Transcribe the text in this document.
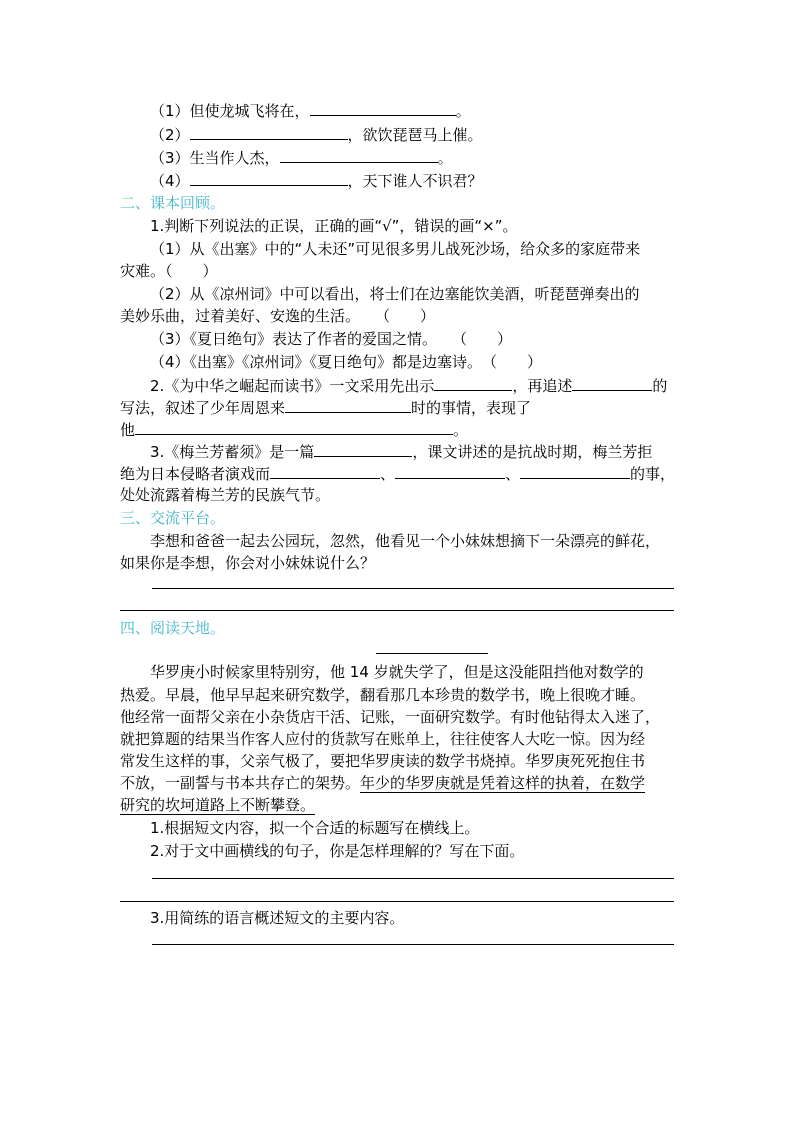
（1）但使龙城飞将在，	。
（2）	，欲饮琵琶马上催。
（3）生当作人杰，	。
（4）	，天下谁人不识君？
二、课本回顾。
1.判断下列说法的正误，正确的画“√”，错误的画“×”。
（1）从《出塞》中的“人未还”可见很多男儿战死沙场，给众多的家庭带来
灾难。（　　）
（2）从《凉州词》中可以看出，将士们在边塞能饮美酒，听琵琶弹奏出的
美妙乐曲，过着美好、安逸的生活。　　（　　）
（3）《夏日绝句》表达了作者的爱国之情。　　（　　）
（4）《出塞》《凉州词》《夏日绝句》都是边塞诗。　（　　）
2.《为中华之崛起而读书》一文采用先出示	，再追述	的
写法，叙述了少年周恩来	时的事情，表现了
他	。
3.《梅兰芳蓄须》是一篇	，课文讲述的是抗战时期，梅兰芳拒
绝为日本侵略者演戏而	、	、	的事，
处处流露着梅兰芳的民族气节。
三、交流平台。
李想和爸爸一起去公园玩，忽然，他看见一个小妹妹想摘下一朵漂亮的鲜花，
如果你是李想，你会对小妹妹说什么？
四、阅读天地。
华罗庚小时候家里特别穷，他 14 岁就失学了，但是这没能阻挡他对数学的
热爱。早晨，他早早起来研究数学，翻看那几本珍贵的数学书，晚上很晚才睡。
他经常一面帮父亲在小杂货店干活、记账，一面研究数学。有时他钻得太入迷了，
就把算题的结果当作客人应付的货款写在账单上，往往使客人大吃一惊。因为经
常发生这样的事，父亲气极了，要把华罗庚读的数学书烧掉。华罗庚死死抱住书
不放，一副誓与书本共存亡的架势。年少的华罗庚就是凭着这样的执着，在数学
研究的坎坷道路上不断攀登。
1.根据短文内容，拟一个合适的标题写在横线上。
2.对于文中画横线的句子，你是怎样理解的？写在下面。
3.用简练的语言概述短文的主要内容。
